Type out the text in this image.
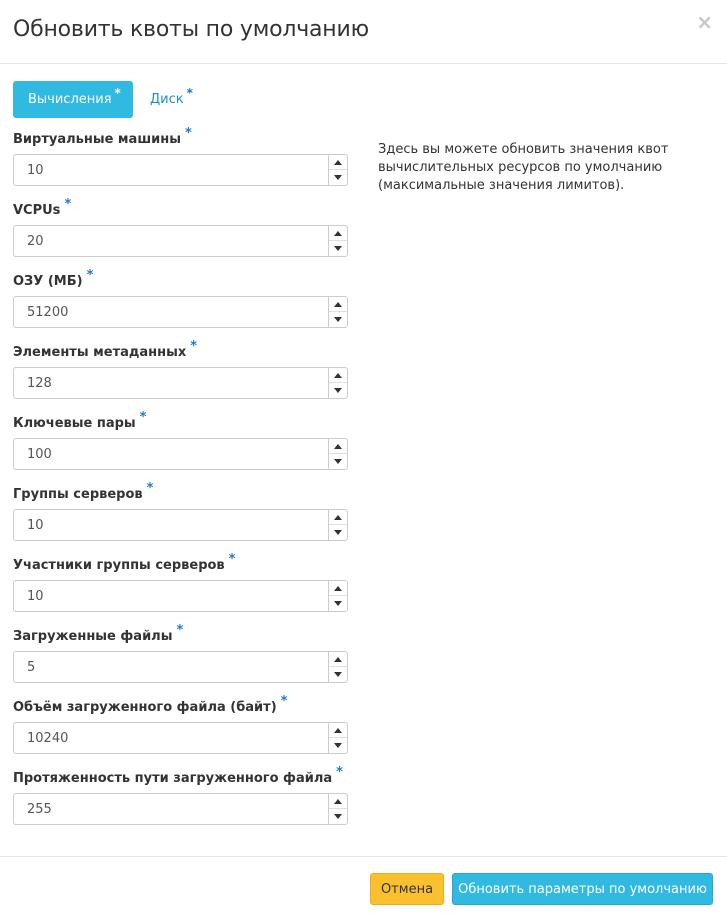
Обновить квоты по умолчанию	×
Вычисления * Диск *
Виртуальные машины *
10
VCPUs *
20
ОЗУ (МБ) *
51200
Элементы метаданных *
128
Ключевые пары *
100
Группы серверов *
10
Участники группы серверов *
10
Загруженные файлы *
5
Объём загруженного файла (байт) *
10240
Протяженность пути загруженного файла *
255
Здесь вы можете обновить значения квот вычислительных ресурсов по умолчанию (максимальные значения лимитов).
Отмена	Обновить параметры по умолчанию
